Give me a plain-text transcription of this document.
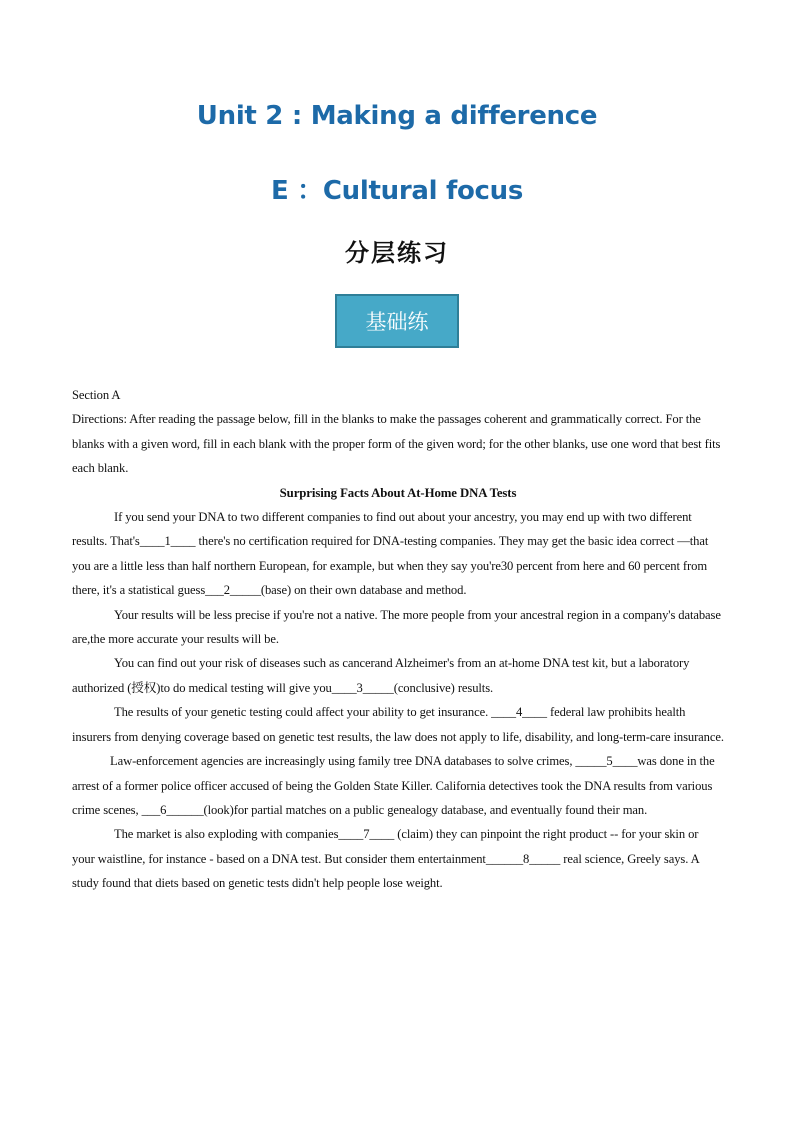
Unit 2 : Making a difference
E ：Cultural focus
分层练习
基础练

Section A

Directions: After reading the passage below, fill in the blanks to make the passages coherent and grammatically correct. For the blanks with a given word, fill in each blank with the proper form of the given word; for the other blanks, use one word that best fits each blank.

Surprising Facts About At-Home DNA Tests

If you send your DNA to two different companies to find out about your ancestry, you may end up with two different results. That's____1____ there's no certification required for DNA-testing companies. They may get the basic idea correct —that you are a little less than half northern European, for example, but when they say you're30 percent from here and 60 percent from there, it's a statistical guess___2_____(base) on their own database and method.

Your results will be less precise if you're not a native. The more people from your ancestral region in a company's database are,the more accurate your results will be.

You can find out your risk of diseases such as cancerand Alzheimer's from an at-home DNA test kit, but a laboratory authorized (授权)to do medical testing will give you____3_____(conclusive) results.

The results of your genetic testing could affect your ability to get insurance. ____4____ federal law prohibits health insurers from denying coverage based on genetic test results, the law does not apply to life, disability, and long-term-care insurance.

Law-enforcement agencies are increasingly using family tree DNA databases to solve crimes, _____5____was done in the arrest of a former police officer accused of being the Golden State Killer. California detectives took the DNA results from various crime scenes, ___6______(look)for partial matches on a public genealogy database, and eventually found their man.

The market is also exploding with companies____7____ (claim) they can pinpoint the right product -- for your skin or your waistline, for instance - based on a DNA test. But consider them entertainment______8_____ real science, Greely says. A study found that diets based on genetic tests didn't help people lose weight.
